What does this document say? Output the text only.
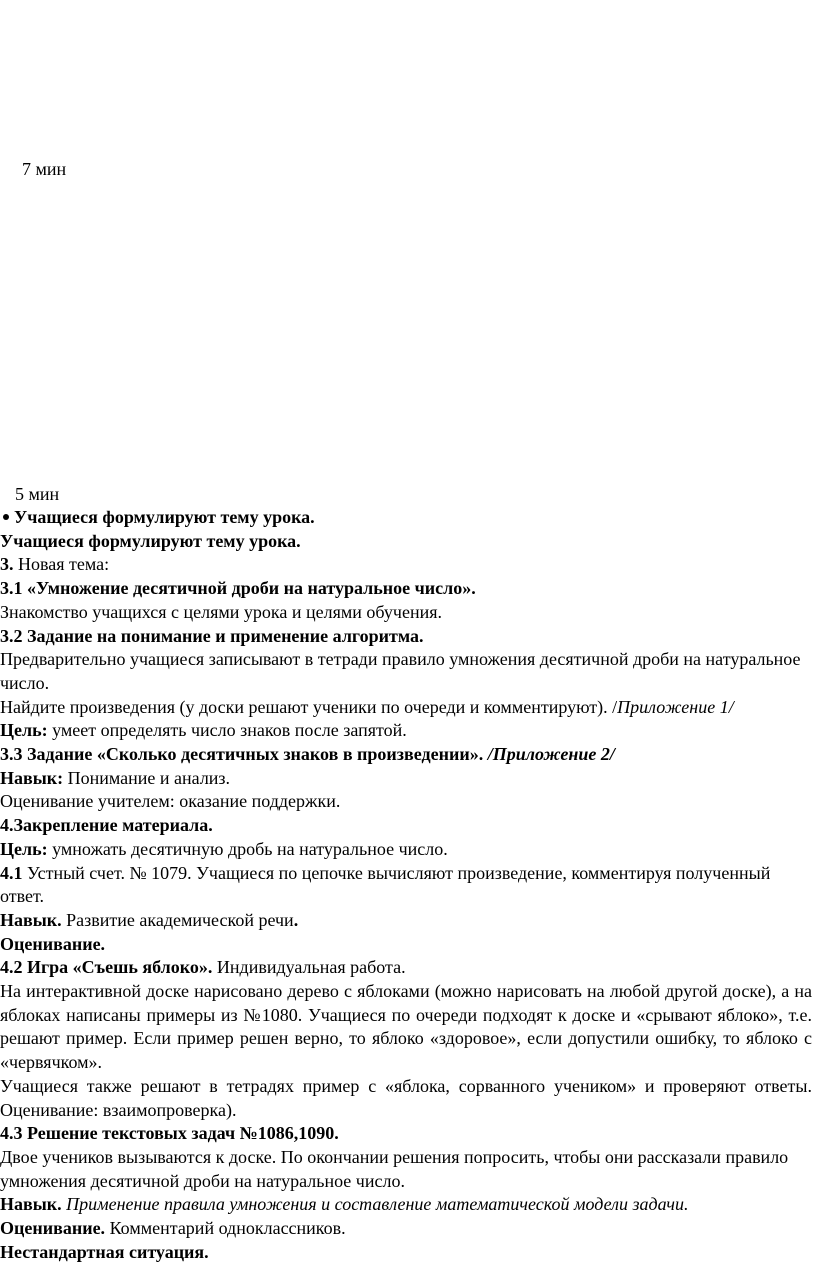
7 мин
5 мин
Учащиеся формулируют тему урока.
Учащиеся формулируют тему урока.
3. Новая тема:
3.1 «Умножение десятичной дроби на натуральное число».
Знакомство учащихся с целями урока и целями обучения.
3.2 Задание на понимание и применение алгоритма.
Предварительно учащиеся записывают в тетради правило умножения десятичной дроби на натуральное число.
Найдите произведения (у доски решают ученики по очереди и комментируют). /Приложение 1/
Цель: умеет определять число знаков после запятой.
3.3 Задание «Сколько десятичных знаков в произведении». /Приложение 2/
Навык: Понимание и анализ.
Оценивание учителем: оказание поддержки.
4.Закрепление материала.
Цель: умножать десятичную дробь на натуральное число.
4.1 Устный счет. № 1079. Учащиеся по цепочке вычисляют произведение, комментируя полученный ответ.
Навык. Развитие академической речи.
Оценивание.
4.2 Игра «Съешь яблоко». Индивидуальная работа.
На интерактивной доске нарисовано дерево с яблоками (можно нарисовать на любой другой доске), а на яблоках написаны примеры из №1080. Учащиеся по очереди подходят к доске и «срывают яблоко», т.е. решают пример. Если пример решен верно, то яблоко «здоровое», если допустили ошибку, то яблоко с «червячком».
Учащиеся также решают в тетрадях пример с «яблока, сорванного учеником» и проверяют ответы. Оценивание: взаимопроверка).
4.3 Решение текстовых задач №1086,1090.
Двое учеников вызываются к доске. По окончании решения попросить, чтобы они рассказали правило умножения десятичной дроби на натуральное число.
Навык. Применение правила умножения и составление математической модели задачи.
Оценивание. Комментарий одноклассников.
Нестандартная ситуация.
